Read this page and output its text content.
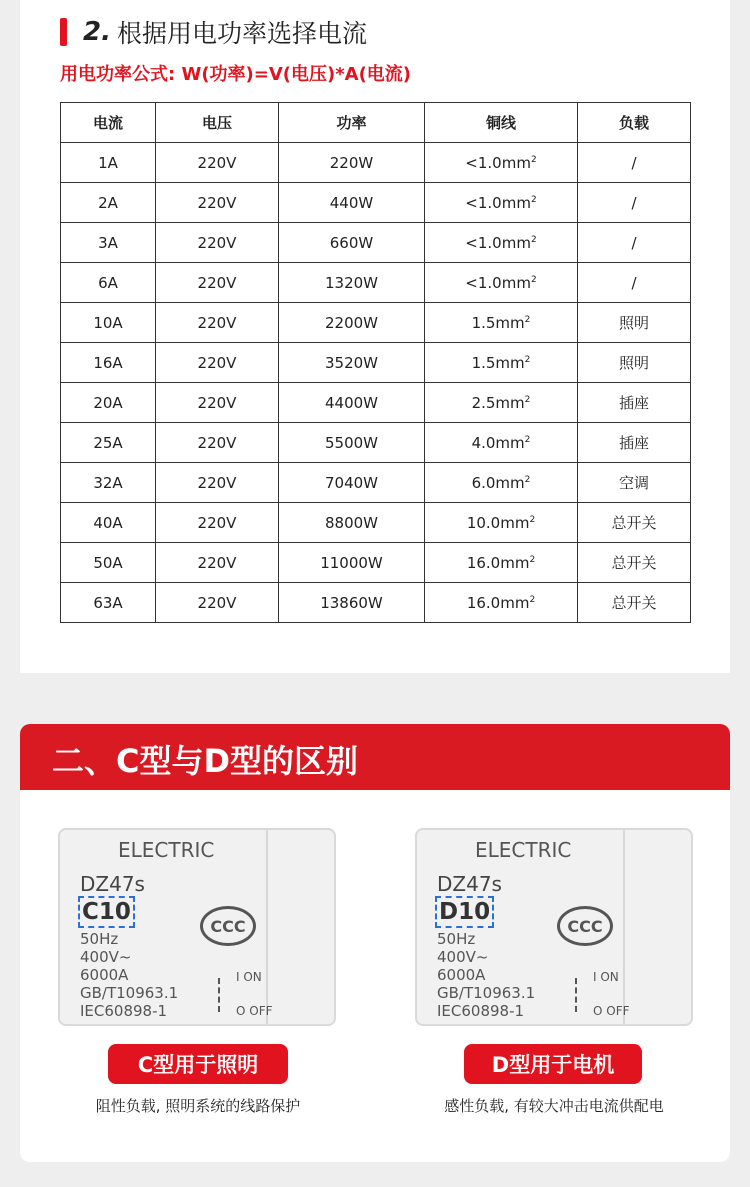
2. 根据用电功率选择电流
用电功率公式: W(功率)=V(电压)*A(电流)
电流	电压	功率	铜线	负载
1A	220V	220W	$<1.0mm^2$	/
2A	220V	440W	$<1.0mm^2$	/
3A	220V	660W	$<1.0mm^2$	/
6A	220V	1320W	$<1.0mm^2$	/
10A	220V	2200W	$1.5mm^2$	照明
16A	220V	3520W	$1.5mm^2$	照明
20A	220V	4400W	$2.5mm^2$	插座
25A	220V	5500W	$4.0mm^2$	插座
32A	220V	7040W	$6.0mm^2$	空调
40A	220V	8800W	$10.0mm^2$	总开关
50A	220V	11000W	$16.0mm^2$	总开关
63A	220V	13860W	$16.0mm^2$	总开关
二、C型与D型的区别
ELECTRIC
DZ47s
C10
CCC
50Hz
400V~
6000A
GB/T10963.1
IEC60898-1
I ON
O OFF
ELECTRIC
DZ47s
D10
CCC
50Hz
400V~
6000A
GB/T10963.1
IEC60898-1
I ON
O OFF
C型用于照明	D型用于电机
阻性负载, 照明系统的线路保护	感性负载, 有较大冲击电流供配电
